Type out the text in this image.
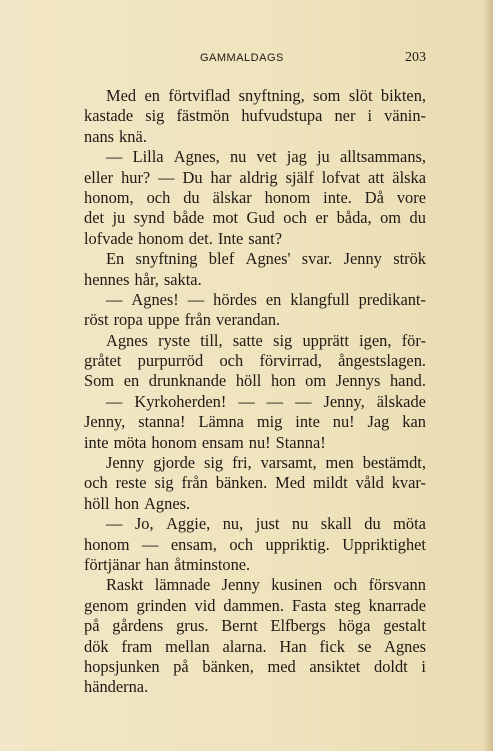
GAMMALDAGS	203
Med en förtviflad snyftning, som slöt bikten,
kastade sig fästmön hufvudstupa ner i vänin-
nans knä.
— Lilla Agnes, nu vet jag ju alltsammans,
eller hur? — Du har aldrig själf lofvat att älska
honom, och du älskar honom inte. Då vore
det ju synd både mot Gud och er båda, om du
lofvade honom det. Inte sant?
En snyftning blef Agnes' svar. Jenny strök
hennes hår, sakta.
— Agnes! — hördes en klangfull predikant-
röst ropa uppe från verandan.
Agnes ryste till, satte sig upprätt igen, för-
gråtet purpurröd och förvirrad, ångestslagen.
Som en drunknande höll hon om Jennys hand.
— Kyrkoherden! — — — Jenny, älskade
Jenny, stanna! Lämna mig inte nu! Jag kan
inte möta honom ensam nu! Stanna!
Jenny gjorde sig fri, varsamt, men bestämdt,
och reste sig från bänken. Med mildt våld kvar-
höll hon Agnes.
— Jo, Aggie, nu, just nu skall du möta
honom — ensam, och uppriktig. Uppriktighet
förtjänar han åtminstone.
Raskt lämnade Jenny kusinen och försvann
genom grinden vid dammen. Fasta steg knarrade
på gårdens grus. Bernt Elfbergs höga gestalt
dök fram mellan alarna. Han fick se Agnes
hopsjunken på bänken, med ansiktet doldt i
händerna.
